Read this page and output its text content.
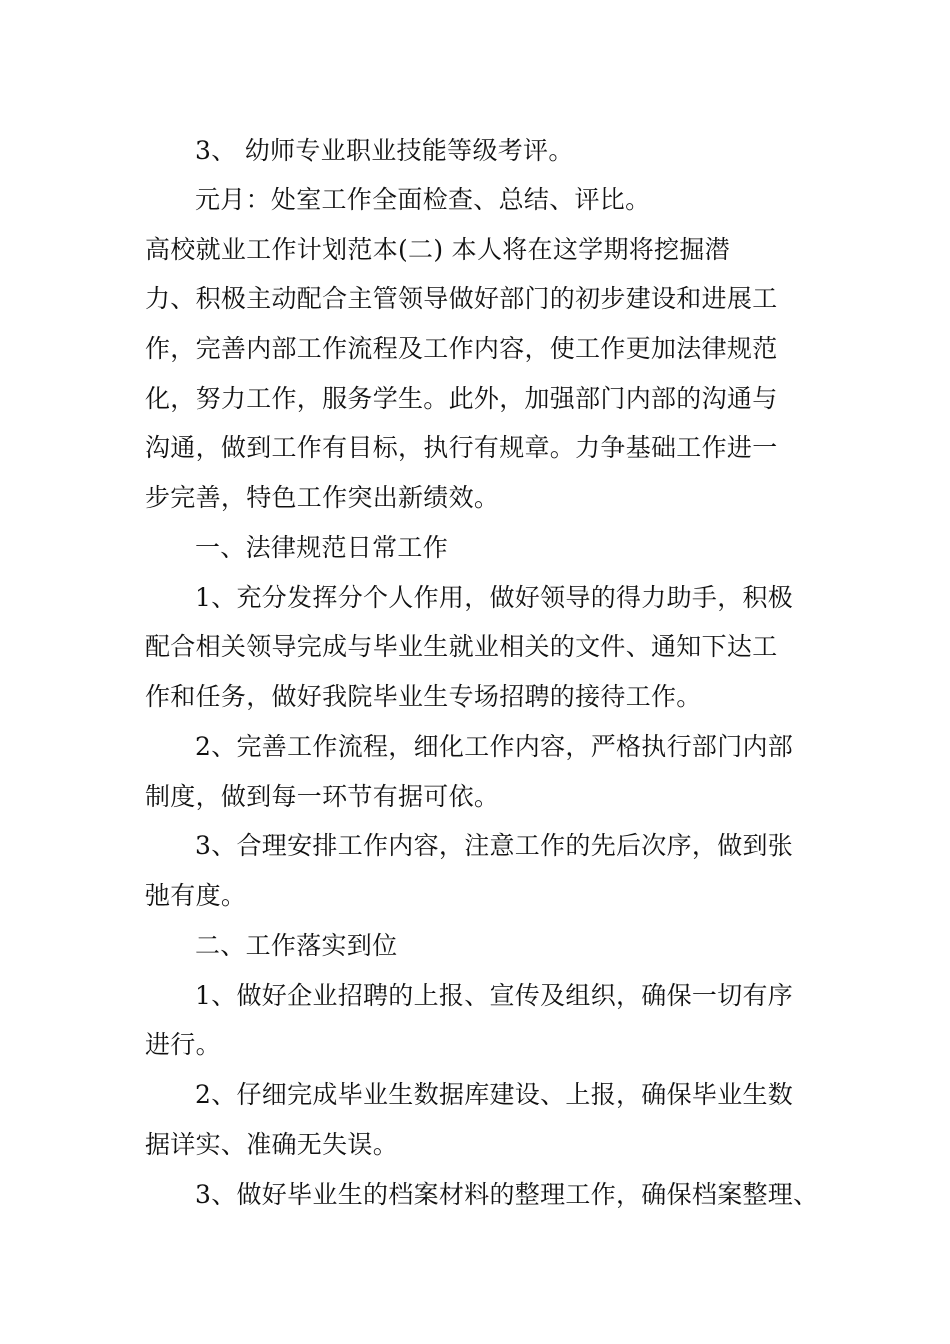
3、 幼师专业职业技能等级考评。
元月：处室工作全面检查、总结、评比。
高校就业工作计划范本(二) 本人将在这学期将挖掘潜
力、积极主动配合主管领导做好部门的初步建设和进展工
作，完善内部工作流程及工作内容，使工作更加法律规范
化，努力工作，服务学生。此外，加强部门内部的沟通与
沟通，做到工作有目标，执行有规章。力争基础工作进一
步完善，特色工作突出新绩效。
一、法律规范日常工作
1、充分发挥分个人作用，做好领导的得力助手，积极
配合相关领导完成与毕业生就业相关的文件、通知下达工
作和任务，做好我院毕业生专场招聘的接待工作。
2、完善工作流程，细化工作内容，严格执行部门内部
制度，做到每一环节有据可依。
3、合理安排工作内容，注意工作的先后次序，做到张
弛有度。
二、工作落实到位
1、做好企业招聘的上报、宣传及组织，确保一切有序
进行。
2、仔细完成毕业生数据库建设、上报，确保毕业生数
据详实、准确无失误。
3、做好毕业生的档案材料的整理工作，确保档案整理、
